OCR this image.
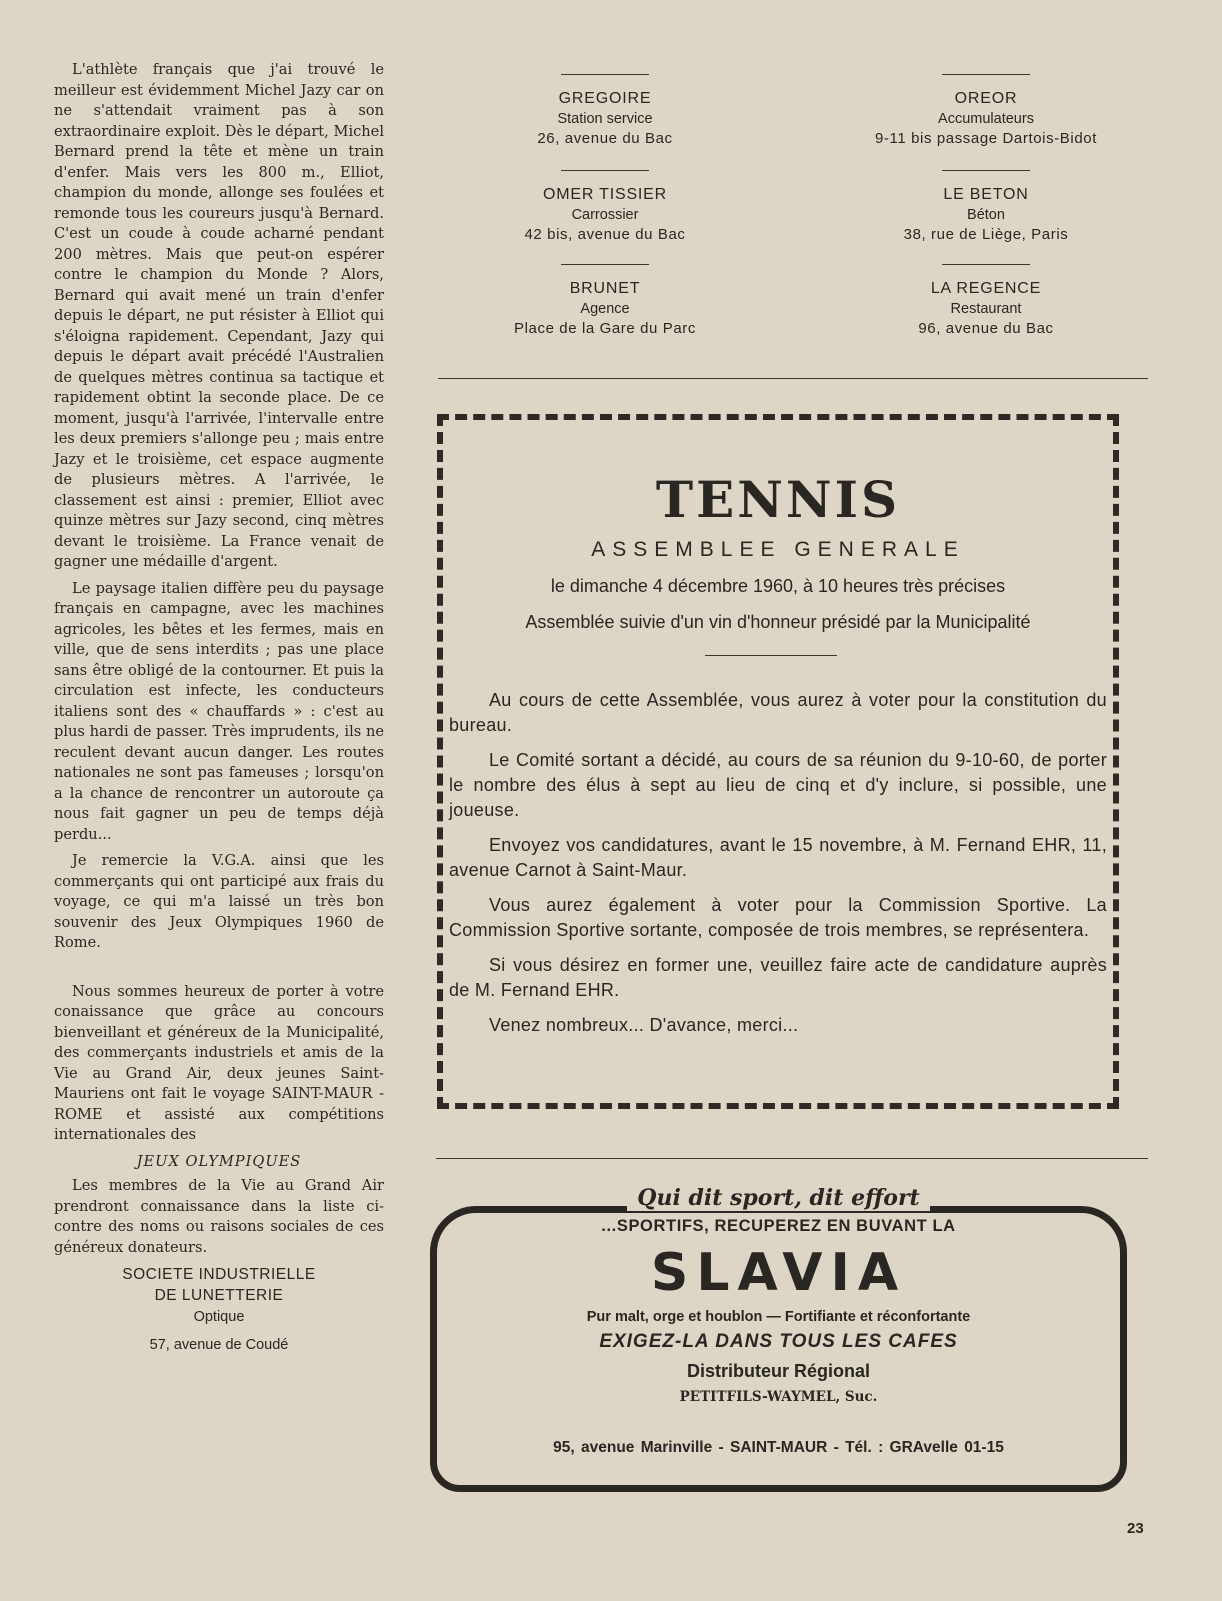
L'athlète français que j'ai trouvé le meilleur est évidemment Michel Jazy car on ne s'attendait vraiment pas à son extraordinaire exploit. Dès le départ, Michel Bernard prend la tête et mène un train d'enfer. Mais vers les 800 m., Elliot, champion du monde, allonge ses foulées et remonde tous les coureurs jusqu'à Bernard. C'est un coude à coude acharné pendant 200 mètres. Mais que peut-on espérer contre le champion du Monde ? Alors, Bernard qui avait mené un train d'enfer depuis le départ, ne put résister à Elliot qui s'éloigna rapidement. Cependant, Jazy qui depuis le départ avait précédé l'Australien de quelques mètres continua sa tactique et rapidement obtint la seconde place. De ce moment, jusqu'à l'arrivée, l'intervalle entre les deux premiers s'allonge peu ; mais entre Jazy et le troisième, cet espace augmente de plusieurs mètres. A l'arrivée, le classement est ainsi : premier, Elliot avec quinze mètres sur Jazy second, cinq mètres devant le troisième. La France venait de gagner une médaille d'argent.

Le paysage italien diffère peu du paysage français en campagne, avec les machines agricoles, les bêtes et les fermes, mais en ville, que de sens interdits ; pas une place sans être obligé de la contourner. Et puis la circulation est infecte, les conducteurs italiens sont des « chauffards » : c'est au plus hardi de passer. Très imprudents, ils ne reculent devant aucun danger. Les routes nationales ne sont pas fameuses ; lorsqu'on a la chance de rencontrer un autoroute ça nous fait gagner un peu de temps déjà perdu...

Je remercie la V.G.A. ainsi que les commerçants qui ont participé aux frais du voyage, ce qui m'a laissé un très bon souvenir des Jeux Olympiques 1960 de Rome.

Nous sommes heureux de porter à votre conaissance que grâce au concours bienveillant et généreux de la Municipalité, des commerçants industriels et amis de la Vie au Grand Air, deux jeunes Saint-Mauriens ont fait le voyage SAINT-MAUR - ROME et assisté aux compétitions internationales des

JEUX OLYMPIQUES

Les membres de la Vie au Grand Air prendront connaissance dans la liste ci-contre des noms ou raisons sociales de ces généreux donateurs.

SOCIETE INDUSTRIELLE
DE LUNETTERIE
Optique
57, avenue de Coudé
GREGOIRE
Station service
26, avenue du Bac
OREOR
Accumulateurs
9-11 bis passage Dartois-Bidot
OMER TISSIER
Carrossier
42 bis, avenue du Bac
LE BETON
Béton
38, rue de Liège, Paris
BRUNET
Agence
Place de la Gare du Parc
LA REGENCE
Restaurant
96, avenue du Bac
TENNIS
ASSEMBLEE GENERALE
le dimanche 4 décembre 1960, à 10 heures très précises
Assemblée suivie d'un vin d'honneur présidé par la Municipalité

Au cours de cette Assemblée, vous aurez à voter pour la constitution du bureau.

Le Comité sortant a décidé, au cours de sa réunion du 9-10-60, de porter le nombre des élus à sept au lieu de cinq et d'y inclure, si possible, une joueuse.

Envoyez vos candidatures, avant le 15 novembre, à M. Fernand EHR, 11, avenue Carnot à Saint-Maur.

Vous aurez également à voter pour la Commission Sportive. La Commission Sportive sortante, composée de trois membres, se représentera.

Si vous désirez en former une, veuillez faire acte de candidature auprès de M. Fernand EHR.

Venez nombreux... D'avance, merci...

Qui dit sport, dit effort
...SPORTIFS, RECUPEREZ EN BUVANT LA
SLAVIA
Pur malt, orge et houblon — Fortifiante et réconfortante
EXIGEZ-LA DANS TOUS LES CAFES
Distributeur Régional
PETITFILS-WAYMEL, Suc.
95, avenue Marinville - SAINT-MAUR - Tél. : GRAvelle 01-15
23
